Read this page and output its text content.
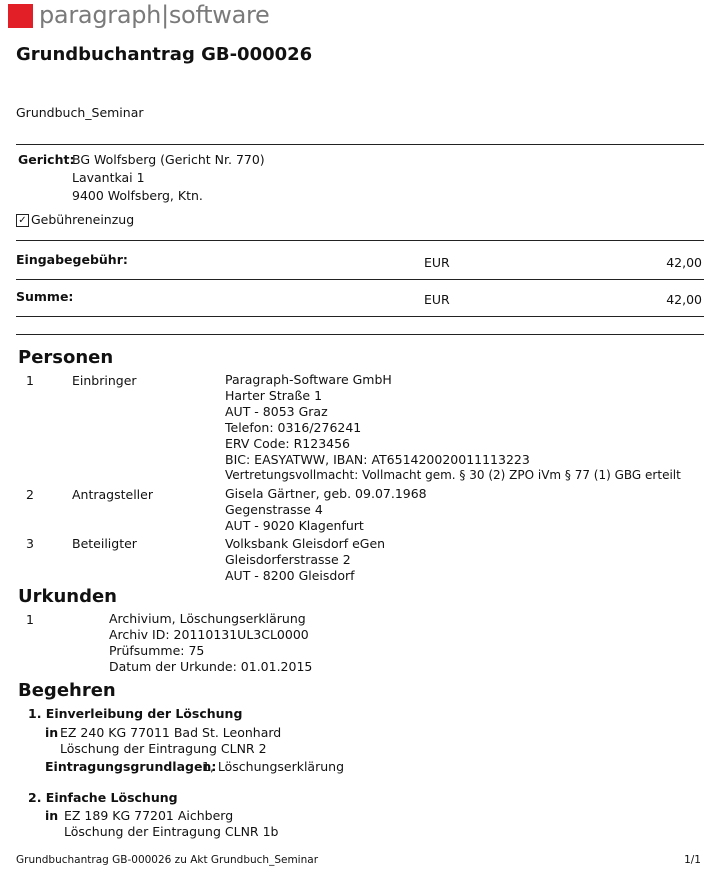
paragraph|software
Grundbuchantrag GB-000026
Grundbuch_Seminar
Gericht:
BG Wolfsberg (Gericht Nr. 770)
Lavantkai 1
9400 Wolfsberg, Ktn.
✓ Gebühreneinzug
Eingabegebühr:	EUR	42,00
Summe:	EUR	42,00
Personen
1	Einbringer	Paragraph-Software GmbH
Harter Straße 1
AUT - 8053 Graz
Telefon: 0316/276241
ERV Code: R123456
BIC: EASYATWW, IBAN: AT651420020011113223
Vertretungsvollmacht: Vollmacht gem. § 30 (2) ZPO iVm § 77 (1) GBG erteilt
2	Antragsteller	Gisela Gärtner, geb. 09.07.1968
Gegenstrasse 4
AUT - 9020 Klagenfurt
3	Beteiligter	Volksbank Gleisdorf eGen
Gleisdorferstrasse 2
AUT - 8200 Gleisdorf
Urkunden
1	Archivium, Löschungserklärung
Archiv ID: 20110131UL3CL0000
Prüfsumme: 75
Datum der Urkunde: 01.01.2015
Begehren
1. Einverleibung der Löschung
in EZ 240 KG 77011 Bad St. Leonhard
Löschung der Eintragung CLNR 2
Eintragungsgrundlagen:
1, Löschungserklärung
2. Einfache Löschung
in EZ 189 KG 77201 Aichberg
Löschung der Eintragung CLNR 1b
Grundbuchantrag GB-000026 zu Akt Grundbuch_Seminar	1/1
